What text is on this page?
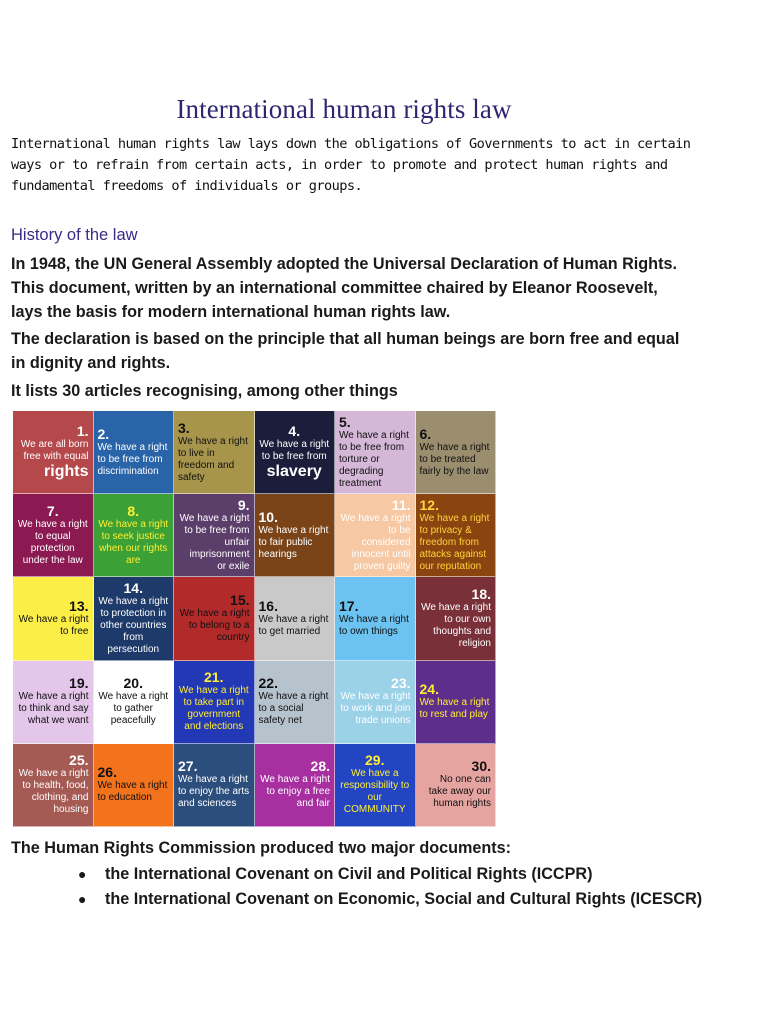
International human rights law

International human rights law lays down the obligations of Governments to act in certain ways or to refrain from certain acts, in order to promote and protect human rights and fundamental freedoms of individuals or groups.

History of the law

In 1948, the UN General Assembly adopted the Universal Declaration of Human Rights. This document, written by an international committee chaired by Eleanor Roosevelt, lays the basis for modern international human rights law.

The declaration is based on the principle that all human beings are born free and equal in dignity and rights.

It lists 30 articles recognising, among other things

1.
We are all born free with equal
rights
2.
We have a right to be free from discrimination
3.
We have a right to live in freedom and safety
4.
We have a right to be free from
slavery
5.
We have a right to be free from torture or degrading treatment
6.
We have a right to be treated fairly by the law
7.
We have a right to equal protection under the law
8.
We have a right to seek justice when our rights are
9.
We have a right to be free from unfair imprisonment or exile
10.
We have a right to fair public hearings
11.
We have a right to be considered innocent until proven guilty
12.
We have a right to privacy & freedom from attacks against our reputation
13.
We have a right to free
14.
We have a right to protection in other countries from persecution
15.
We have a right to belong to a country
16.
We have a right to get married
17.
We have a right to own things
18.
We have a right to our own thoughts and religion
19.
We have a right to think and say what we want
20.
We have a right to gather peacefully
21.
We have a right to take part in government and elections
22.
We have a right to a social safety net
23.
We have a right to work and join trade unions
24.
We have a right to rest and play
25.
We have a right to health, food, clothing, and housing
26.
We have a right to education
27.
We have a right to enjoy the arts and sciences
28.
We have a right to enjoy a free and fair
29.
We have a responsibility to our COMMUNITY
30.
No one can take away our human rights

The Human Rights Commission produced two major documents:

● the International Covenant on Civil and Political Rights (ICCPR)
● the International Covenant on Economic, Social and Cultural Rights (ICESCR)
